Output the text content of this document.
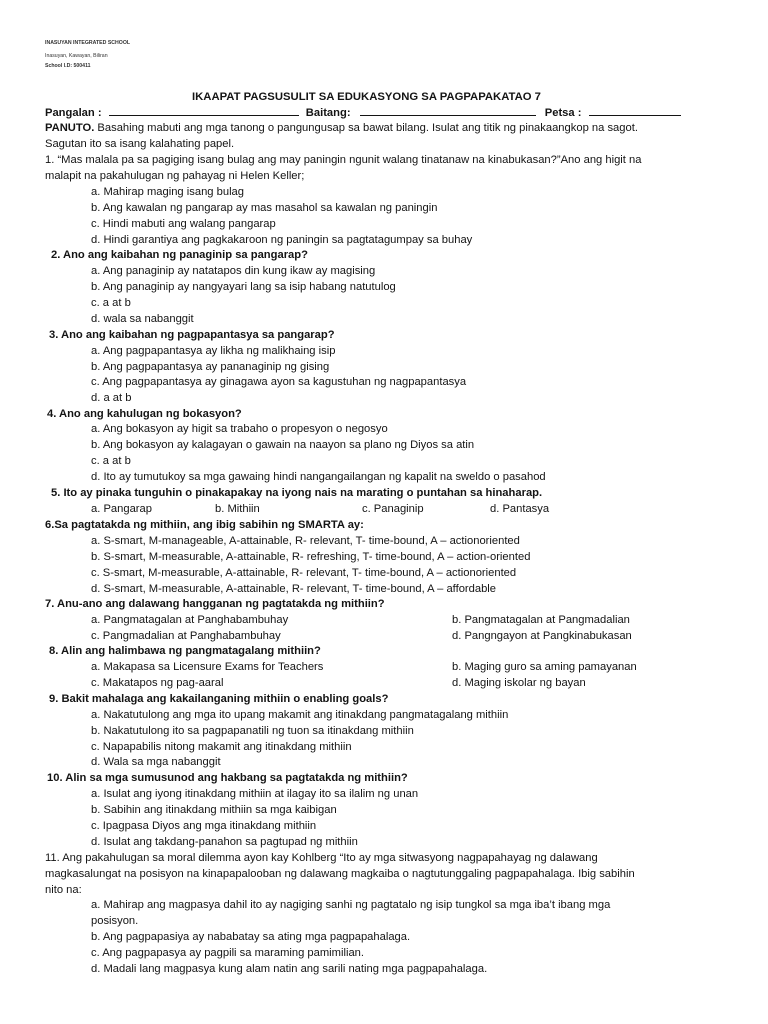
INASUYAN INTEGRATED SCHOOL
Inasuyan, Kawayan, Biliran
School I.D: 500411
IKAAPAT PAGSUSULIT SA EDUKASYONG SA PAGPAPAKATAO 7
Pangalan :	Baitang:	Petsa :
PANUTO. Basahing mabuti ang mga tanong o pangungusap sa bawat bilang. Isulat ang titik ng pinakaangkop na sagot.
Sagutan ito sa isang kalahating papel.
1. “Mas malala pa sa pagiging isang bulag ang may paningin ngunit walang tinatanaw na kinabukasan?”Ano ang higit na
malapit na pakahulugan ng pahayag ni Helen Keller;
a. Mahirap maging isang bulag
b. Ang kawalan ng pangarap ay mas masahol sa kawalan ng paningin
c. Hindi mabuti ang walang pangarap
d. Hindi garantiya ang pagkakaroon ng paningin sa pagtatagumpay sa buhay
2. Ano ang kaibahan ng panaginip sa pangarap?
a. Ang panaginip ay natatapos din kung ikaw ay magising
b. Ang panaginip ay nangyayari lang sa isip habang natutulog
c. a at b
d. wala sa nabanggit
3. Ano ang kaibahan ng pagpapantasya sa pangarap?
a. Ang pagpapantasya ay likha ng malikhaing isip
b. Ang pagpapantasya ay pananaginip ng gising
c. Ang pagpapantasya ay ginagawa ayon sa kagustuhan ng nagpapantasya
d. a at b
4. Ano ang kahulugan ng bokasyon?
a. Ang bokasyon ay higit sa trabaho o propesyon o negosyo
b. Ang bokasyon ay kalagayan o gawain na naayon sa plano ng Diyos sa atin
c. a at b
d. Ito ay tumutukoy sa mga gawaing hindi nangangailangan ng kapalit na sweldo o pasahod
5. Ito ay pinaka tunguhin o pinakapakay na iyong nais na marating o puntahan sa hinaharap.
a. Pangarap	b. Mithiin	c. Panaginip	d. Pantasya
6.Sa pagtatakda ng mithiin, ang ibig sabihin ng SMARTA ay:
a. S-smart, M-manageable, A-attainable, R- relevant, T- time-bound, A – actionoriented
b. S-smart, M-measurable, A-attainable, R- refreshing, T- time-bound, A – action-oriented
c. S-smart, M-measurable, A-attainable, R- relevant, T- time-bound, A – actionoriented
d. S-smart, M-measurable, A-attainable, R- relevant, T- time-bound, A – affordable
7. Anu-ano ang dalawang hangganan ng pagtatakda ng mithiin?
a. Pangmatagalan at Panghabambuhay	b. Pangmatagalan at Pangmadalian
c. Pangmadalian at Panghabambuhay	d. Pangngayon at Pangkinabukasan
8. Alin ang halimbawa ng pangmatagalang mithiin?
a. Makapasa sa Licensure Exams for Teachers	b. Maging guro sa aming pamayanan
c. Makatapos ng pag-aaral	d. Maging iskolar ng bayan
9. Bakit mahalaga ang kakailanganing mithiin o enabling goals?
a. Nakatutulong ang mga ito upang makamit ang itinakdang pangmatagalang mithiin
b. Nakatutulong ito sa pagpapanatili ng tuon sa itinakdang mithiin
c. Napapabilis nitong makamit ang itinakdang mithiin
d. Wala sa mga nabanggit
10. Alin sa mga sumusunod ang hakbang sa pagtatakda ng mithiin?
a. Isulat ang iyong itinakdang mithiin at ilagay ito sa ilalim ng unan
b. Sabihin ang itinakdang mithiin sa mga kaibigan
c. Ipagpasa Diyos ang mga itinakdang mithiin
d. Isulat ang takdang-panahon sa pagtupad ng mithiin
11. Ang pakahulugan sa moral dilemma ayon kay Kohlberg “Ito ay mga sitwasyong nagpapahayag ng dalawang
magkasalungat na posisyon na kinapapalooban ng dalawang magkaiba o nagtutunggaling pagpapahalaga. Ibig sabihin
nito na:
a. Mahirap ang magpasya dahil ito ay nagiging sanhi ng pagtatalo ng isip tungkol sa mga iba’t ibang mga
posisyon.
b. Ang pagpapasiya ay nababatay sa ating mga pagpapahalaga.
c. Ang pagpapasya ay pagpili sa maraming pamimilian.
d. Madali lang magpasya kung alam natin ang sarili nating mga pagpapahalaga.
